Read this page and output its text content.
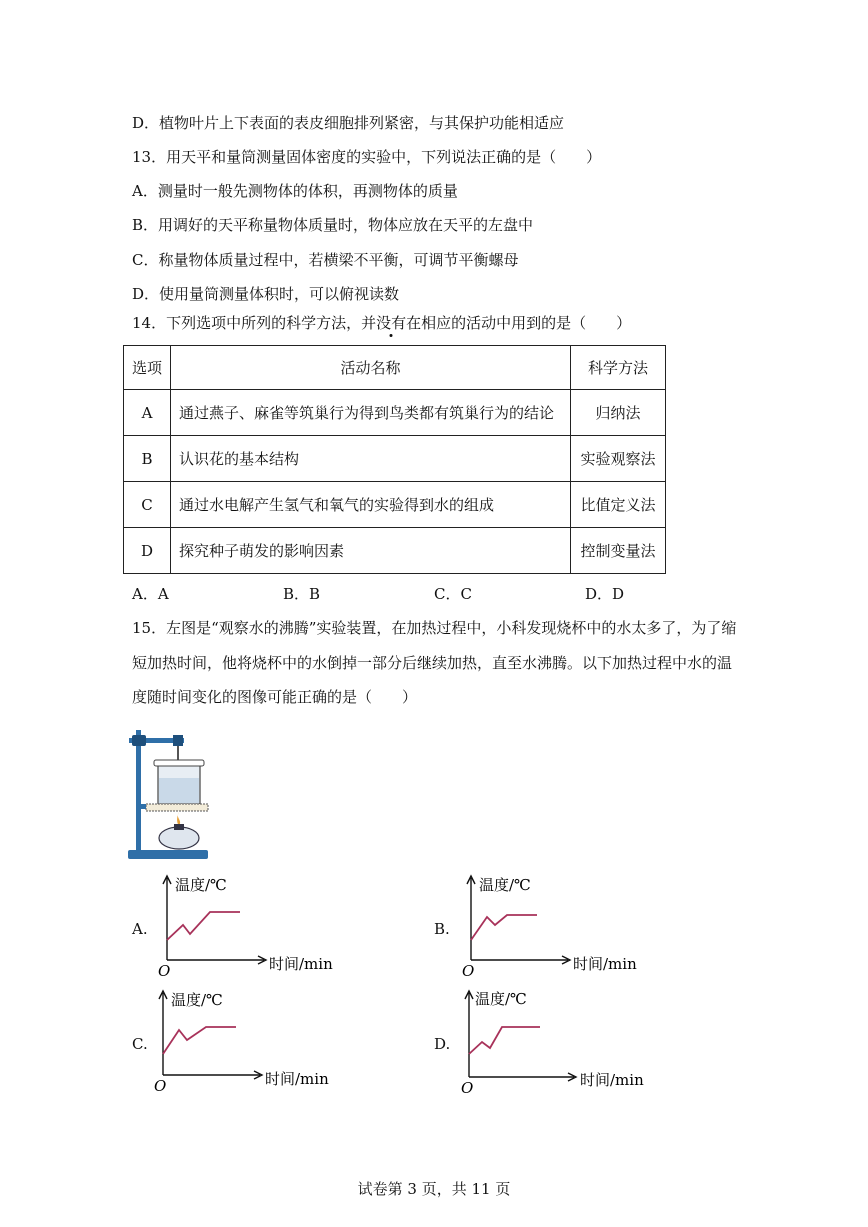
D．植物叶片上下表面的表皮细胞排列紧密，与其保护功能相适应
13．用天平和量筒测量固体密度的实验中，下列说法正确的是（　　）
A．测量时一般先测物体的体积，再测物体的质量
B．用调好的天平称量物体质量时，物体应放在天平的左盘中
C．称量物体质量过程中，若横梁不平衡，可调节平衡螺母
D．使用量筒测量体积时，可以俯视读数
14．下列选项中所列的科学方法，并没有在相应的活动中用到的是（　　）
选项	活动名称	科学方法
A	通过燕子、麻雀等筑巢行为得到鸟类都有筑巢行为的结论	归纳法
B	认识花的基本结构	实验观察法
C	通过水电解产生氢气和氧气的实验得到水的组成	比值定义法
D	探究种子萌发的影响因素	控制变量法
A．A	B．B	C．C	D．D
15．左图是“观察水的沸腾”实验装置，在加热过程中，小科发现烧杯中的水太多了，为了缩
短加热时间，他将烧杯中的水倒掉一部分后继续加热，直至水沸腾。以下加热过程中水的温
度随时间变化的图像可能正确的是（　　）
A.	B.
C.	D.
温度/℃
时间/min
O
温度/℃
时间/min
O
温度/℃
时间/min
O
温度/℃
时间/min
O
试卷第 3 页，共 11 页
